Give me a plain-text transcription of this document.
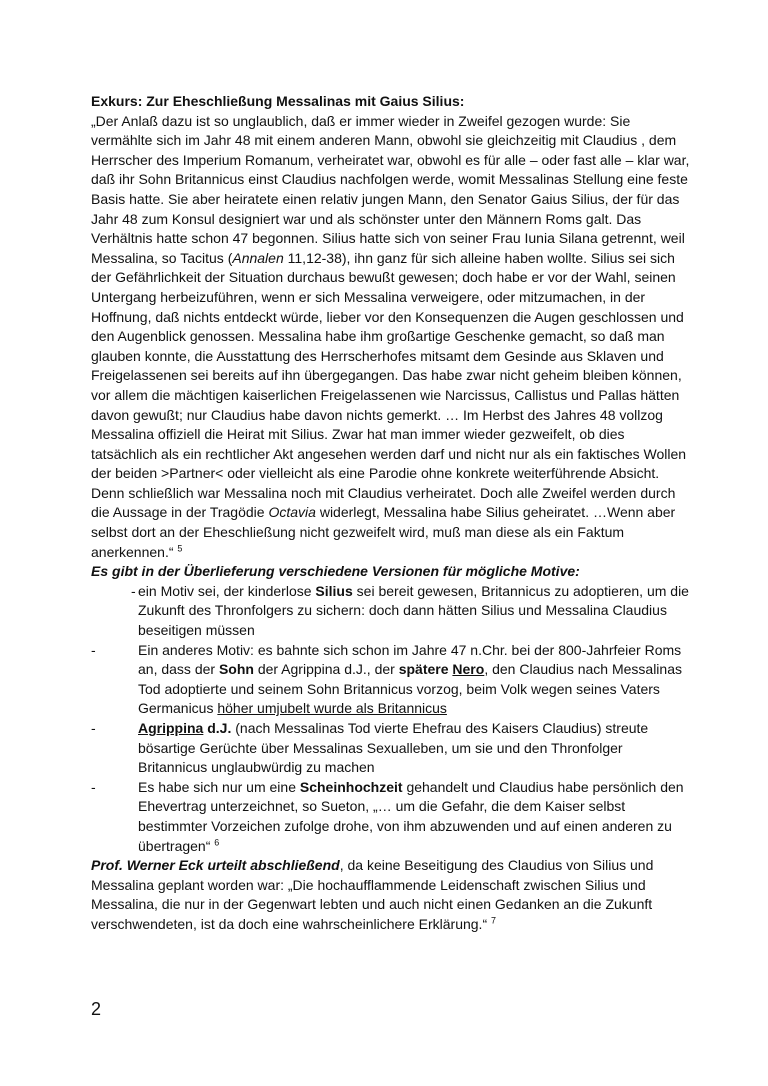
Exkurs: Zur Eheschließung Messalinas mit Gaius Silius:

„Der Anlaß dazu ist so unglaublich, daß er immer wieder in Zweifel gezogen wurde: Sie vermählte sich im Jahr 48 mit einem anderen Mann, obwohl sie gleichzeitig mit Claudius , dem Herrscher des Imperium Romanum, verheiratet war, obwohl es für alle – oder fast alle – klar war, daß ihr Sohn Britannicus einst Claudius nachfolgen werde, womit Messalinas Stellung eine feste Basis hatte. Sie aber heiratete einen relativ jungen Mann, den Senator Gaius Silius, der für das Jahr 48 zum Konsul designiert war und als schönster unter den Männern Roms galt. Das Verhältnis hatte schon 47 begonnen. Silius hatte sich von seiner Frau Iunia Silana getrennt, weil Messalina, so Tacitus (Annalen 11,12-38), ihn ganz für sich alleine haben wollte. Silius sei sich der Gefährlichkeit der Situation durchaus bewußt gewesen; doch habe er vor der Wahl, seinen Untergang herbeizuführen, wenn er sich Messalina verweigere, oder mitzumachen, in der Hoffnung, daß nichts entdeckt würde, lieber vor den Konsequenzen die Augen geschlossen und den Augenblick genossen. Messalina habe ihm großartige Geschenke gemacht, so daß man glauben konnte, die Ausstattung des Herrscherhofes mitsamt dem Gesinde aus Sklaven und Freigelassenen sei bereits auf ihn übergegangen. Das habe zwar nicht geheim bleiben können, vor allem die mächtigen kaiserlichen Freigelassenen wie Narcissus, Callistus und Pallas hätten davon gewußt; nur Claudius habe davon nichts gemerkt. … Im Herbst des Jahres 48 vollzog Messalina offiziell die Heirat mit Silius. Zwar hat man immer wieder gezweifelt, ob dies tatsächlich als ein rechtlicher Akt angesehen werden darf und nicht nur als ein faktisches Wollen der beiden >Partner< oder vielleicht als eine Parodie ohne konkrete weiterführende Absicht. Denn schließlich war Messalina noch mit Claudius verheiratet. Doch alle Zweifel werden durch die Aussage in der Tragödie Octavia widerlegt, Messalina habe Silius geheiratet. …Wenn aber selbst dort an der Eheschließung nicht gezweifelt wird, muß man diese als ein Faktum anerkennen.“ $^5$

Es gibt in der Überlieferung verschiedene Versionen für mögliche Motive:
- ein Motiv sei, der kinderlose Silius sei bereit gewesen, Britannicus zu adoptieren, um die Zukunft des Thronfolgers zu sichern: doch dann hätten Silius und Messalina Claudius beseitigen müssen
-	Ein anderes Motiv: es bahnte sich schon im Jahre 47 n.Chr. bei der 800-Jahrfeier Roms an, dass der Sohn der Agrippina d.J., der spätere Nero, den Claudius nach Messalinas Tod adoptierte und seinem Sohn Britannicus vorzog, beim Volk wegen seines Vaters Germanicus höher umjubelt wurde als Britannicus
-	Agrippina d.J. (nach Messalinas Tod vierte Ehefrau des Kaisers Claudius) streute bösartige Gerüchte über Messalinas Sexualleben, um sie und den Thronfolger Britannicus unglaubwürdig zu machen
-	Es habe sich nur um eine Scheinhochzeit gehandelt und Claudius habe persönlich den Ehevertrag unterzeichnet, so Sueton, „… um die Gefahr, die dem Kaiser selbst bestimmter Vorzeichen zufolge drohe, von ihm abzuwenden und auf einen anderen zu übertragen“ $^6$

Prof. Werner Eck urteilt abschließend, da keine Beseitigung des Claudius von Silius und Messalina geplant worden war: „Die hochaufflammende Leidenschaft zwischen Silius und Messalina, die nur in der Gegenwart lebten und auch nicht einen Gedanken an die Zukunft verschwendeten, ist da doch eine wahrscheinlichere Erklärung.“ $^7$

2
